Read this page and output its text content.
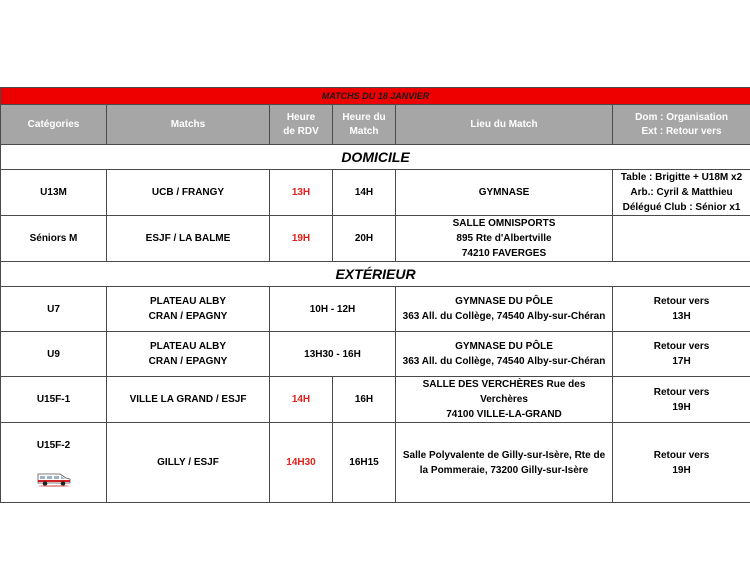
MATCHS DU 18 JANVIER					
Catégories	Matchs	Heure
de RDV	Heure du
Match	Lieu du Match	Dom : Organisation
Ext : Retour vers
DOMICILE					
U13M	UCB / FRANGY	13H	14H	GYMNASE	Table : Brigitte + U18M x2
Arb.: Cyril & Matthieu
Délégué Club : Sénior x1
Séniors M	ESJF / LA BALME	19H	20H	SALLE OMNISPORTS
895 Rte d'Albertville
74210 FAVERGES	
EXTÉRIEUR					
U7	PLATEAU ALBY
CRAN / EPAGNY	10H - 12H		GYMNASE DU PÔLE
363 All. du Collège, 74540 Alby-sur-Chéran	Retour vers
13H
U9	PLATEAU ALBY
CRAN / EPAGNY	13H30 - 16H		GYMNASE DU PÔLE
363 All. du Collège, 74540 Alby-sur-Chéran	Retour vers
17H
U15F-1	VILLE LA GRAND / ESJF	14H	16H	SALLE DES VERCHÈRES Rue des Verchères
74100 VILLE-LA-GRAND	Retour vers
19H

U15F-2	GILLY / ESJF	14H30	16H15	Salle Polyvalente de Gilly-sur-Isère, Rte de
la Pommeraie, 73200 Gilly-sur-Isère	Retour vers
19H
